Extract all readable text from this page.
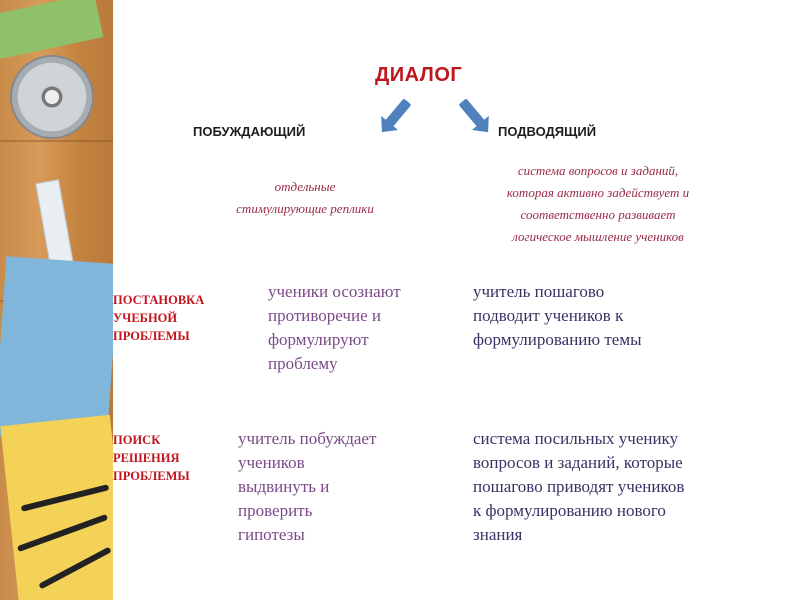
ДИАЛОГ
ПОБУЖДАЮЩИЙ	ПОДВОДЯЩИЙ
отдельные
стимулирующие реплики
система вопросов и заданий,
которая активно задействует и
соответственно развивает
логическое мышление учеников
ПОСТАНОВКА
УЧЕБНОЙ
ПРОБЛЕМЫ
ученики осознают
противоречие и
формулируют
проблему
учитель пошагово
подводит учеников к
формулированию темы
ПОИСК
РЕШЕНИЯ
ПРОБЛЕМЫ
учитель побуждает
учеников
выдвинуть и
проверить
гипотезы
система посильных ученику
вопросов и заданий, которые
пошагово приводят учеников
к формулированию нового
знания
